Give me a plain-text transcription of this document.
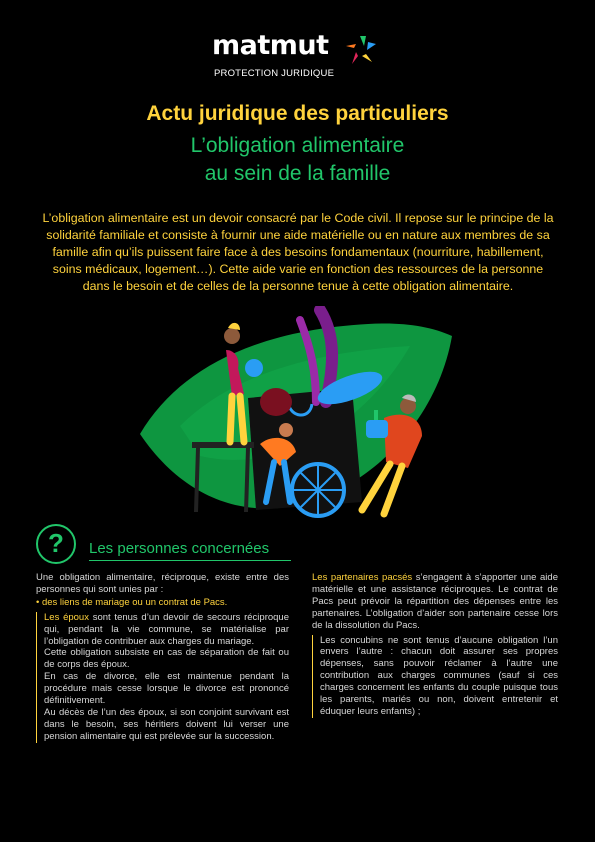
matmut
PROTECTION JURIDIQUE
Actu juridique des particuliers
L’obligation alimentaire
au sein de la famille
L’obligation alimentaire est un devoir consacré par le Code civil. Il repose sur le principe de la solidarité familiale et consiste à fournir une aide matérielle ou en nature aux membres de sa famille afin qu’ils puissent faire face à des besoins fondamentaux (nourriture, habillement, soins médicaux, logement…). Cette aide varie en fonction des ressources de la personne dans le besoin et de celles de la personne tenue à cette obligation alimentaire.
?	Les personnes concernées

Une obligation alimentaire, réciproque, existe entre des personnes qui sont unies par :

• des liens de mariage ou un contrat de Pacs.

Les époux sont tenus d’un devoir de secours réciproque qui, pendant la vie commune, se matérialise par l’obligation de contribuer aux charges du mariage.

Cette obligation subsiste en cas de séparation de fait ou de corps des époux.

En cas de divorce, elle est maintenue pendant la procédure mais cesse lorsque le divorce est prononcé définitivement.

Au décès de l’un des époux, si son conjoint survivant est dans le besoin, ses héritiers doivent lui verser une pension alimentaire qui est prélevée sur la succession.

Les partenaires pacsés s’engagent à s’apporter une aide matérielle et une assistance réciproques. Le contrat de Pacs peut prévoir la répartition des dépenses entre les partenaires. L’obligation d’aider son partenaire cesse lors de la dissolution du Pacs.

Les concubins ne sont tenus d’aucune obligation l’un envers l’autre : chacun doit assurer ses propres dépenses, sans pouvoir réclamer à l’autre une contribution aux charges communes (sauf si ces charges concernent les enfants du couple puisque tous les parents, mariés ou non, doivent entretenir et éduquer leurs enfants) ;
